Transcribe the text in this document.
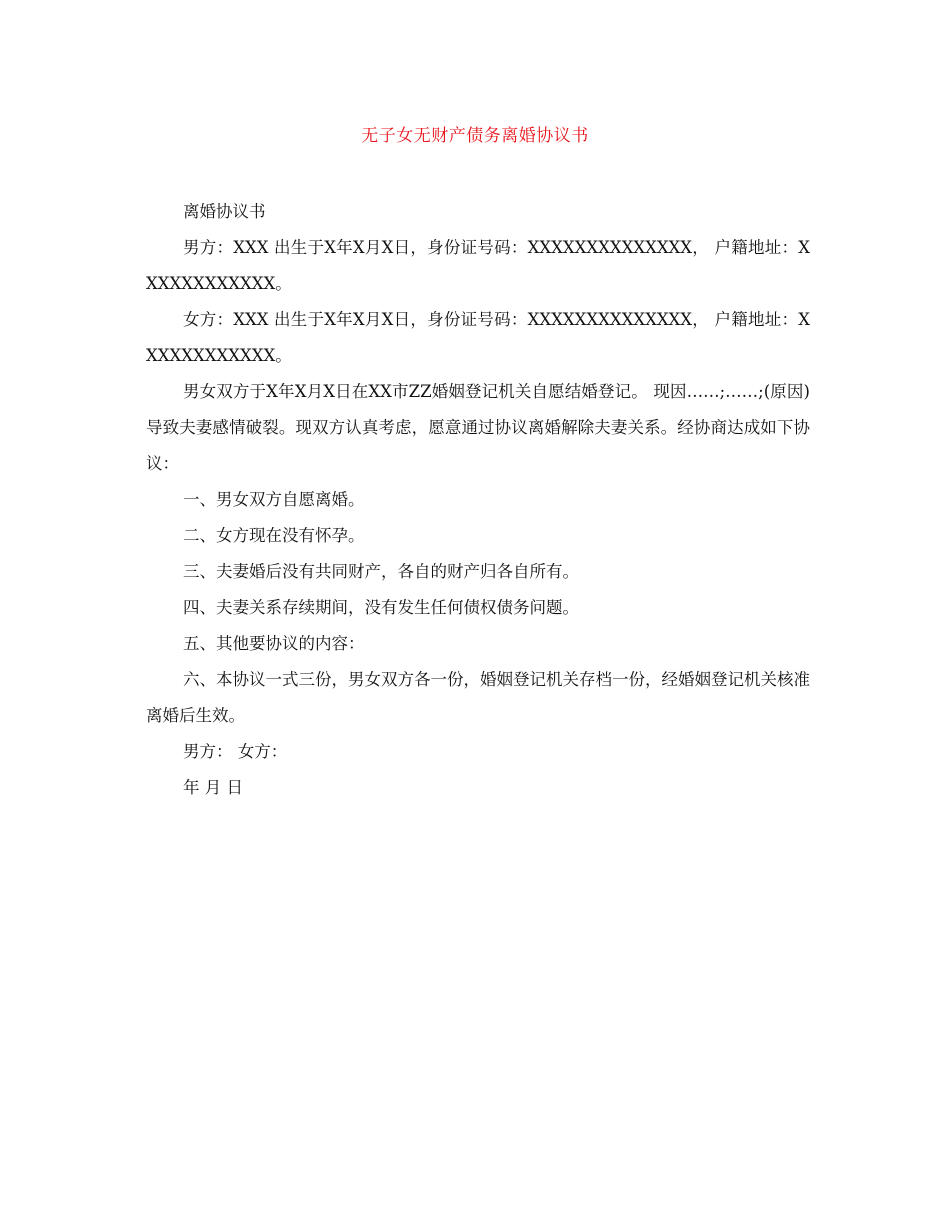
无子女无财产债务离婚协议书

离婚协议书

男方：XXX 出生于X年X月X日，身份证号码：XXXXXXXXXXXXXX， 户籍地址：XXXXXXXXXXXX。

女方：XXX 出生于X年X月X日，身份证号码：XXXXXXXXXXXXXX， 户籍地址：XXXXXXXXXXXX。

男女双方于X年X月X日在XX市ZZ婚姻登记机关自愿结婚登记。 现因……;……;(原因)导致夫妻感情破裂。现双方认真考虑，愿意通过协议离婚解除夫妻关系。经协商达成如下协议：

一、男女双方自愿离婚。

二、女方现在没有怀孕。

三、夫妻婚后没有共同财产，各自的财产归各自所有。

四、夫妻关系存续期间，没有发生任何债权债务问题。

五、其他要协议的内容：

六、本协议一式三份，男女双方各一份，婚姻登记机关存档一份，经婚姻登记机关核准离婚后生效。

男方： 女方：

年 月 日
